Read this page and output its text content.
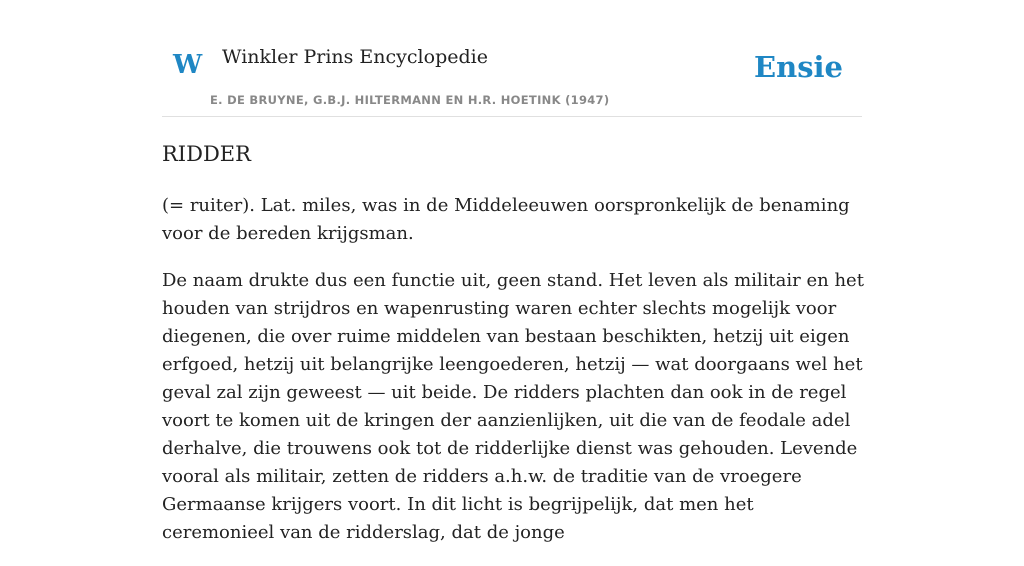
W Winkler Prins Encyclopedie
E. DE BRUYNE, G.B.J. HILTERMANN EN H.R. HOETINK (1947)
Ensie
RIDDER

(= ruiter). Lat. miles, was in de Middeleeuwen oorspronkelijk de benaming voor de bereden krijgsman.

De naam drukte dus een functie uit, geen stand. Het leven als militair en het houden van strijdros en wapenrusting waren echter slechts mogelijk voor diegenen, die over ruime middelen van bestaan beschikten, hetzij uit eigen erfgoed, hetzij uit belangrijke leengoederen, hetzij — wat doorgaans wel het geval zal zijn geweest — uit beide. De ridders plachten dan ook in de regel voort te komen uit de kringen der aanzienlijken, uit die van de feodale adel derhalve, die trouwens ook tot de ridderlijke dienst was gehouden. Levende vooral als militair, zetten de ridders a.h.w. de traditie van de vroegere Germaanse krijgers voort. In dit licht is begrijpelijk, dat men het ceremonieel van de ridderslag, dat de jonge
